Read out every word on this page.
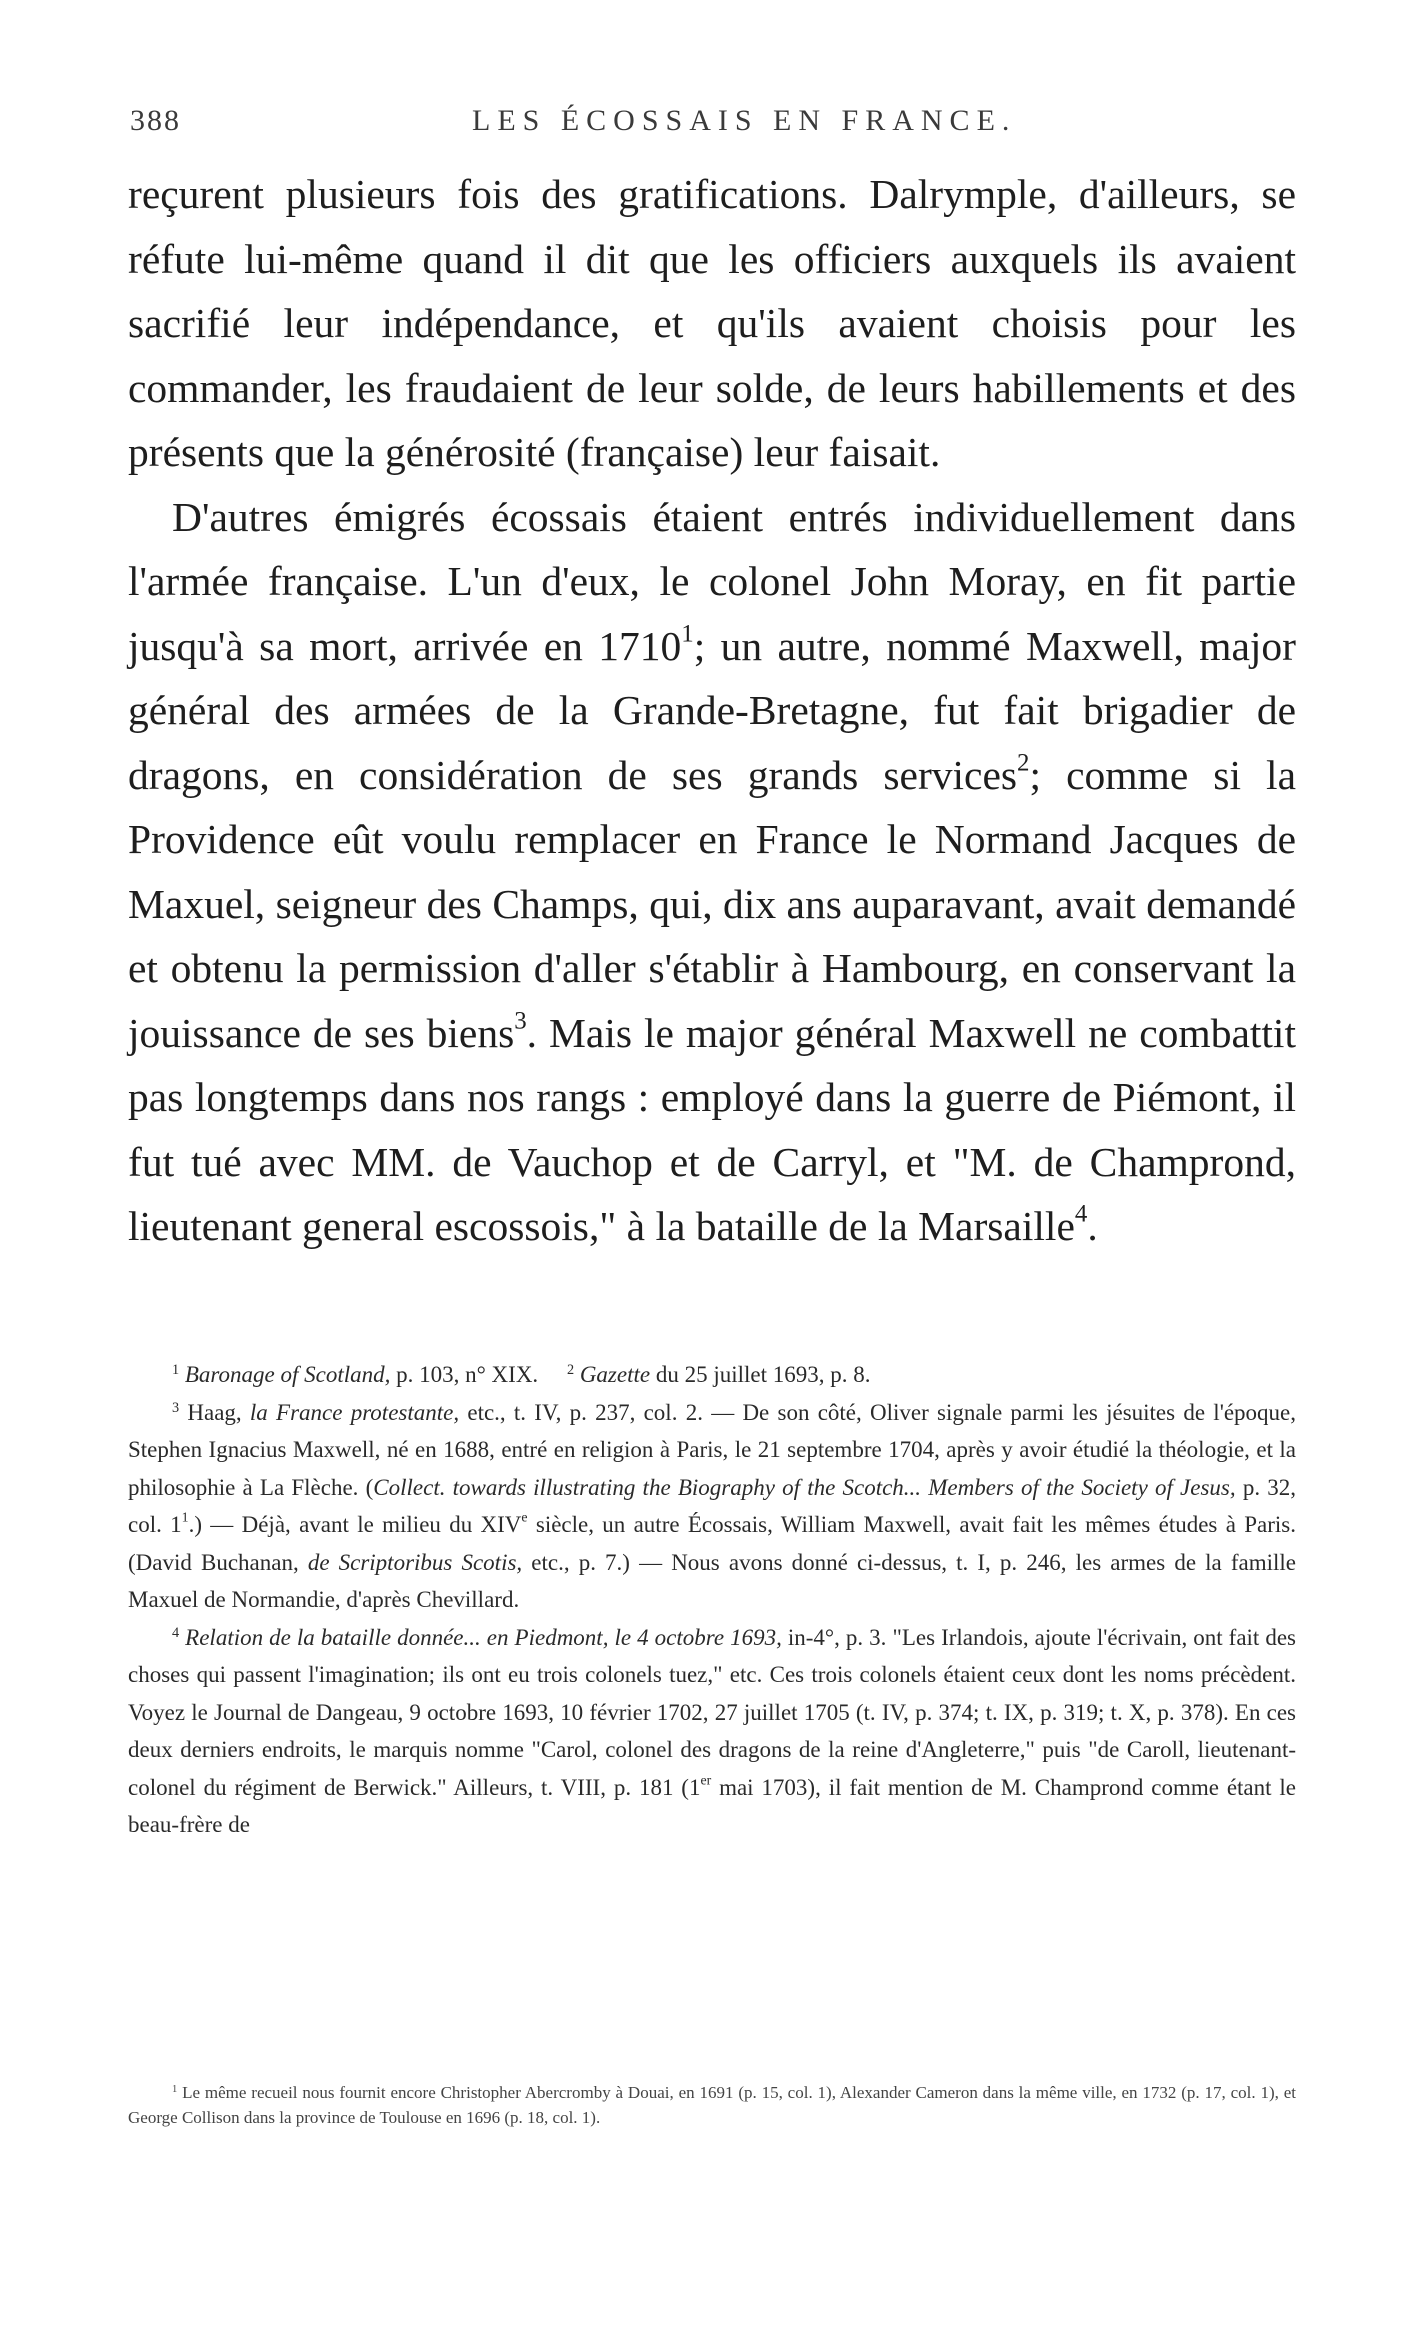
388	LES ÉCOSSAIS EN FRANCE.

reçurent plusieurs fois des gratifications. Dalrymple, d'ailleurs, se réfute lui-même quand il dit que les officiers auxquels ils avaient sacrifié leur indépendance, et qu'ils avaient choisis pour les commander, les fraudaient de leur solde, de leurs habillements et des présents que la générosité (française) leur faisait.

D'autres émigrés écossais étaient entrés individuellement dans l'armée française. L'un d'eux, le colonel John Moray, en fit partie jusqu'à sa mort, arrivée en 1710$^1$; un autre, nommé Maxwell, major général des armées de la Grande-Bretagne, fut fait brigadier de dragons, en considération de ses grands services$^2$; comme si la Providence eût voulu remplacer en France le Normand Jacques de Maxuel, seigneur des Champs, qui, dix ans auparavant, avait demandé et obtenu la permission d'aller s'établir à Hambourg, en conservant la jouissance de ses biens$^3$. Mais le major général Maxwell ne combattit pas longtemps dans nos rangs : employé dans la guerre de Piémont, il fut tué avec MM. de Vauchop et de Carryl, et "M. de Champrond, lieutenant general escossois," à la bataille de la Marsaille$^4$.

$^1$ Baronage of Scotland, p. 103, n° XIX. $^2$ Gazette du 25 juillet 1693, p. 8.

$^3$ Haag, la France protestante, etc., t. IV, p. 237, col. 2. — De son côté, Oliver signale parmi les jésuites de l'époque, Stephen Ignacius Maxwell, né en 1688, entré en religion à Paris, le 21 septembre 1704, après y avoir étudié la théologie, et la philosophie à La Flèche. (Collect. towards illustrating the Biography of the Scotch... Members of the Society of Jesus, p. 32, col. $1^1$.) — Déjà, avant le milieu du XIVe siècle, un autre Écossais, William Maxwell, avait fait les mêmes études à Paris. (David Buchanan, de Scriptoribus Scotis, etc., p. 7.) — Nous avons donné ci-dessus, t. I, p. 246, les armes de la famille Maxuel de Normandie, d'après Chevillard.

$^4$ Relation de la bataille donnée... en Piedmont, le 4 octobre 1693, in-4°, p. 3. "Les Irlandois, ajoute l'écrivain, ont fait des choses qui passent l'imagination; ils ont eu trois colonels tuez," etc. Ces trois colonels étaient ceux dont les noms précèdent. Voyez le Journal de Dangeau, 9 octobre 1693, 10 février 1702, 27 juillet 1705 (t. IV, p. 374; t. IX, p. 319; t. X, p. 378). En ces deux derniers endroits, le marquis nomme "Carol, colonel des dragons de la reine d'Angleterre," puis "de Caroll, lieutenant-colonel du régiment de Berwick." Ailleurs, t. VIII, p. 181 (1er mai 1703), il fait mention de M. Champrond comme étant le beau-frère de

$^1$ Le même recueil nous fournit encore Christopher Abercromby à Douai, en 1691 (p. 15, col. 1), Alexander Cameron dans la même ville, en 1732 (p. 17, col. 1), et George Collison dans la province de Toulouse en 1696 (p. 18, col. 1).
